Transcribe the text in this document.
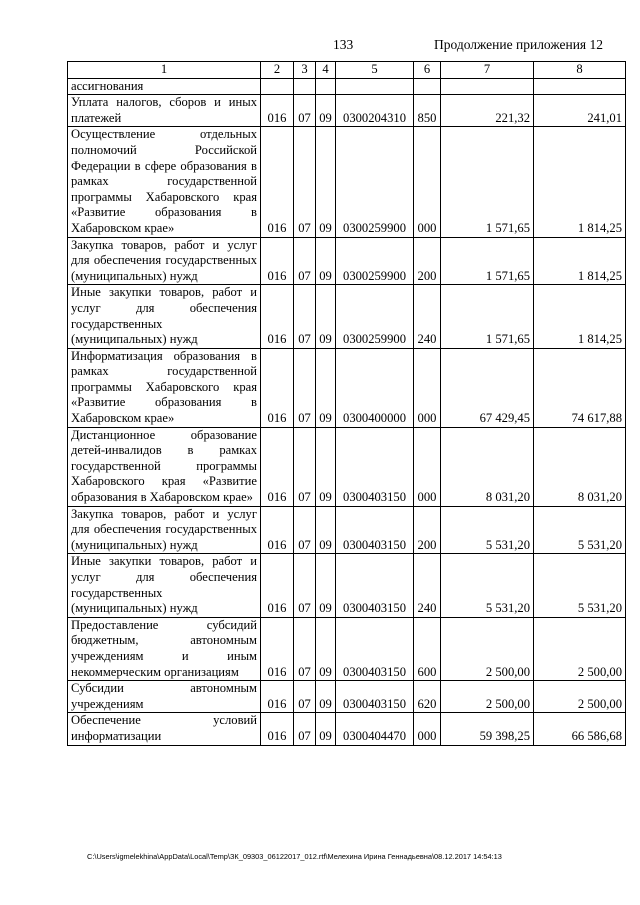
133	Продолжение приложения 12
1	2	3	4	5	6	7	8
ассигнования							
Уплата налогов, сборов и иных платежей	016	07	09	0300204310	850	221,32	241,01
Осуществление отдельных полномочий Российской Федерации в сфере образования в рамках государственной программы Хабаровского края «Развитие образования в Хабаровском крае»	016	07	09	0300259900	000	1 571,65	1 814,25
Закупка товаров, работ и услуг для обеспечения государственных (муниципальных) нужд	016	07	09	0300259900	200	1 571,65	1 814,25
Иные закупки товаров, работ и услуг для обеспечения государственных (муниципальных) нужд	016	07	09	0300259900	240	1 571,65	1 814,25
Информатизация образования в рамках государственной программы Хабаровского края «Развитие образования в Хабаровском крае»	016	07	09	0300400000	000	67 429,45	74 617,88
Дистанционное образование детей-инвалидов в рамках государственной программы Хабаровского края «Развитие образования в Хабаровском крае»	016	07	09	0300403150	000	8 031,20	8 031,20
Закупка товаров, работ и услуг для обеспечения государственных (муниципальных) нужд	016	07	09	0300403150	200	5 531,20	5 531,20
Иные закупки товаров, работ и услуг для обеспечения государственных (муниципальных) нужд	016	07	09	0300403150	240	5 531,20	5 531,20
Предоставление субсидий бюджетным, автономным учреждениям и иным некоммерческим организациям	016	07	09	0300403150	600	2 500,00	2 500,00
Субсидии автономным учреждениям	016	07	09	0300403150	620	2 500,00	2 500,00
Обеспечение условий информатизации	016	07	09	0300404470	000	59 398,25	66 586,68
C:\Users\igmelekhina\AppData\Local\Temp\ЗК_09303_06122017_012.rtf\Мелехина Ирина Геннадьевна\08.12.2017 14:54:13
